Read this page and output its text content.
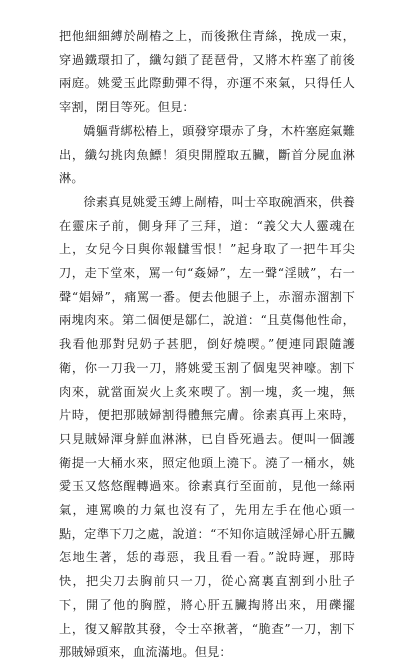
把他細細縛於剮樁之上，而後揪住青絲，挽成一束，穿過鐵環扣了，纖勾鎖了琵琶骨，又將木杵塞了前後兩庭。姚愛玉此際動彈不得，亦運不來氣，只得任人宰割，閉目等死。但見：

嬌軀背綁松樁上，頭發穿環赤了身，木杵塞庭氣難出，纖勾挑肉魚鰾！須臾開膛取五臟，斷首分屍血淋淋。

徐素真見姚愛玉縛上剮樁，叫士卒取碗酒來，供養在靈床子前，側身拜了三拜，道：“義父大人靈魂在上，女兒今日與你報讎雪恨！”起身取了一把牛耳尖刀，走下堂來，罵一句“姦婦”，左一聲“淫賊”，右一聲“娼婦”，痛罵一番。便去他腿子上，赤溜赤溜割下兩塊肉來。第二個便是鄒仁，說道：“且莫傷他性命，我看他那對兒奶子甚肥，倒好燒喫。”便連同跟隨護衛，你一刀我一刀，將姚愛玉割了個鬼哭神嚎。割下肉來，就當面炭火上炙來喫了。割一塊，炙一塊，無片時，便把那賊婦割得體無完膚。徐素真再上來時，只見賊婦渾身鮮血淋淋，已自昏死過去。便叫一個護衛提一大桶水來，照定他頭上澆下。澆了一桶水，姚愛玉又悠悠醒轉過來。徐素真行至面前，見他一絲兩氣，連罵喚的力氣也沒有了，先用左手在他心頭一點，定準下刀之處，說道：“不知你這賊淫婦心肝五臟怎地生著，恁的毒惡，我且看一看。”說時遲，那時快，把尖刀去胸前只一刀，從心窩裏直割到小肚子下，開了他的胸膛，將心肝五臟掏將出來，用礫擺上，復又解散其發，令士卒揪著，“脆查”一刀，割下那賊婦頭來，血流滿地。但見：
